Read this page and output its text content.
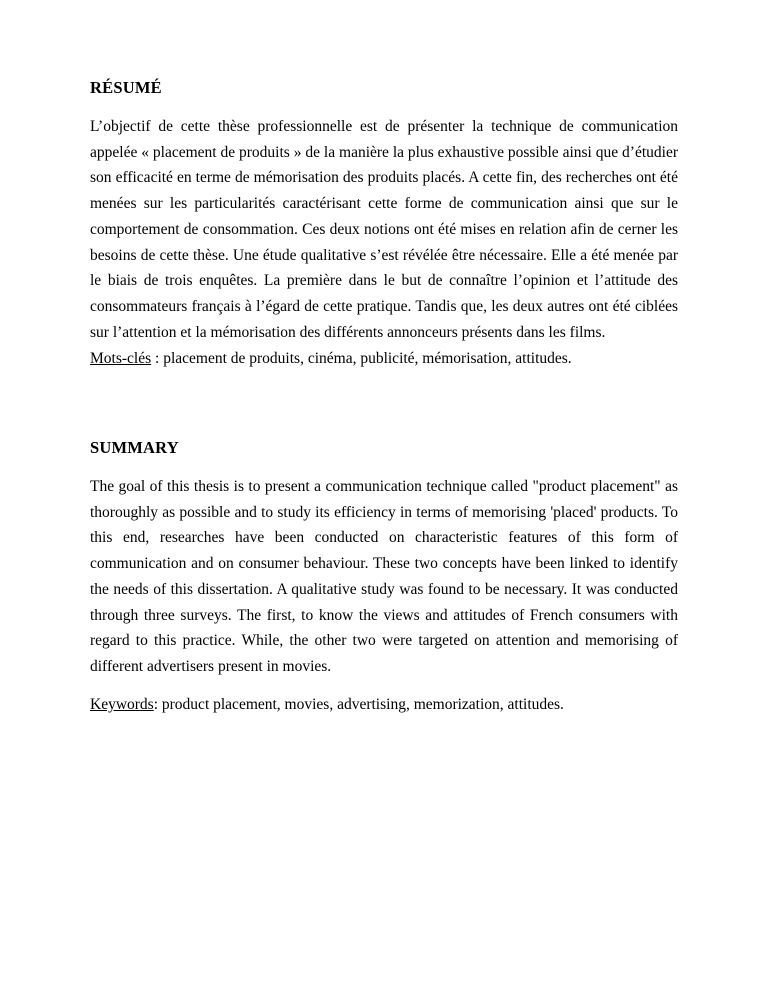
RÉSUMÉ

L’objectif de cette thèse professionnelle est de présenter la technique de communication appelée « placement de produits » de la manière la plus exhaustive possible ainsi que d’étudier son efficacité en terme de mémorisation des produits placés. A cette fin, des recherches ont été menées sur les particularités caractérisant cette forme de communication ainsi que sur le comportement de consommation. Ces deux notions ont été mises en relation afin de cerner les besoins de cette thèse. Une étude qualitative s’est révélée être nécessaire. Elle a été menée par le biais de trois enquêtes. La première dans le but de connaître l’opinion et l’attitude des consommateurs français à l’égard de cette pratique. Tandis que, les deux autres ont été ciblées sur l’attention et la mémorisation des différents annonceurs présents dans les films.

Mots-clés : placement de produits, cinéma, publicité, mémorisation, attitudes.

SUMMARY

The goal of this thesis is to present a communication technique called "product placement" as thoroughly as possible and to study its efficiency in terms of memorising 'placed' products. To this end, researches have been conducted on characteristic features of this form of communication and on consumer behaviour. These two concepts have been linked to identify the needs of this dissertation. A qualitative study was found to be necessary. It was conducted through three surveys. The first, to know the views and attitudes of French consumers with regard to this practice. While, the other two were targeted on attention and memorising of different advertisers present in movies.

Keywords: product placement, movies, advertising, memorization, attitudes.
